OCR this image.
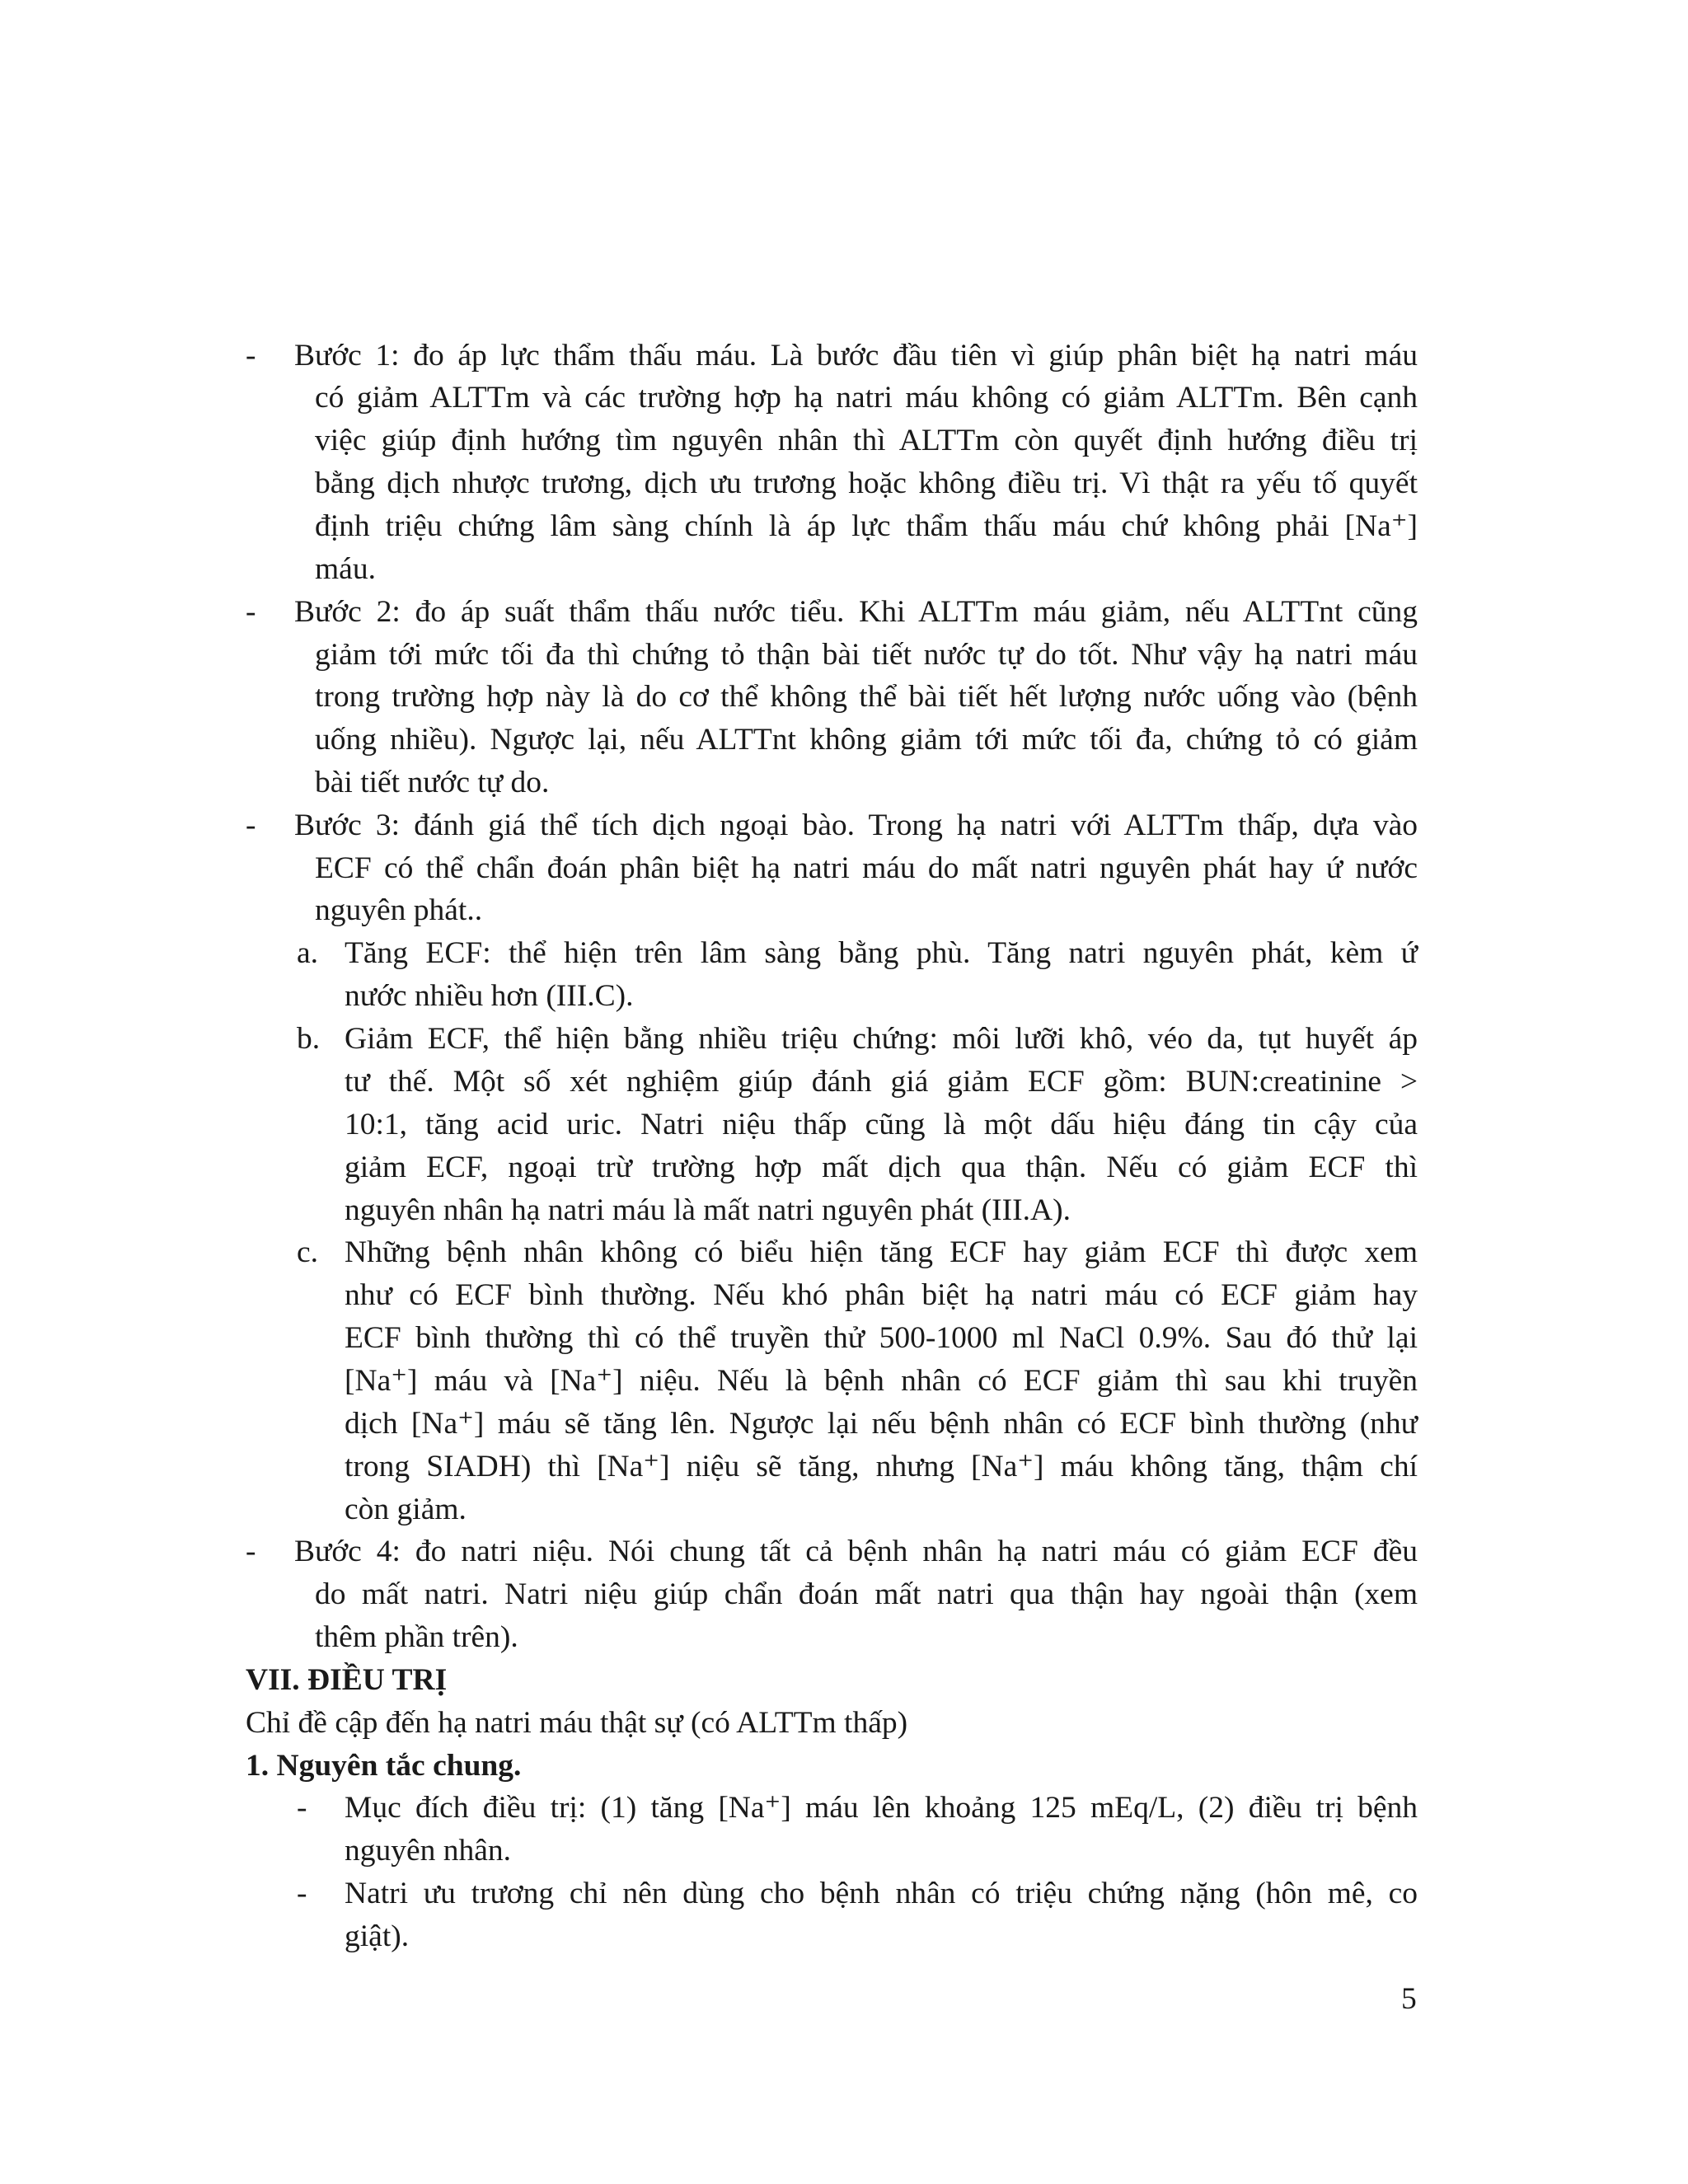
- Bước 1: đo áp lực thẩm thấu máu. Là bước đầu tiên vì giúp phân biệt hạ natri máu
có giảm ALTTm và các trường hợp hạ natri máu không có giảm ALTTm. Bên cạnh
việc giúp định hướng tìm nguyên nhân thì ALTTm còn quyết định hướng điều trị
bằng dịch nhược trương, dịch ưu trương hoặc không điều trị. Vì thật ra yếu tố quyết
định triệu chứng lâm sàng chính là áp lực thẩm thấu máu chứ không phải [Na⁺]
máu.
- Bước 2: đo áp suất thẩm thấu nước tiểu. Khi ALTTm máu giảm, nếu ALTTnt cũng
giảm tới mức tối đa thì chứng tỏ thận bài tiết nước tự do tốt. Như vậy hạ natri máu
trong trường hợp này là do cơ thể không thể bài tiết hết lượng nước uống vào (bệnh
uống nhiều). Ngược lại, nếu ALTTnt không giảm tới mức tối đa, chứng tỏ có giảm
bài tiết nước tự do.
- Bước 3: đánh giá thể tích dịch ngoại bào. Trong hạ natri với ALTTm thấp, dựa vào
ECF có thể chẩn đoán phân biệt hạ natri máu do mất natri nguyên phát hay ứ nước
nguyên phát..
a. Tăng ECF: thể hiện trên lâm sàng bằng phù. Tăng natri nguyên phát, kèm ứ
nước nhiều hơn (III.C).
b. Giảm ECF, thể hiện bằng nhiều triệu chứng: môi lưỡi khô, véo da, tụt huyết áp
tư thế. Một số xét nghiệm giúp đánh giá giảm ECF gồm: BUN:creatinine >
10:1, tăng acid uric. Natri niệu thấp cũng là một dấu hiệu đáng tin cậy của
giảm ECF, ngoại trừ trường hợp mất dịch qua thận. Nếu có giảm ECF thì
nguyên nhân hạ natri máu là mất natri nguyên phát (III.A).
c. Những bệnh nhân không có biểu hiện tăng ECF hay giảm ECF thì được xem
như có ECF bình thường. Nếu khó phân biệt hạ natri máu có ECF giảm hay
ECF bình thường thì có thể truyền thử 500-1000 ml NaCl 0.9%. Sau đó thử lại
[Na⁺] máu và [Na⁺] niệu. Nếu là bệnh nhân có ECF giảm thì sau khi truyền
dịch [Na⁺] máu sẽ tăng lên. Ngược lại nếu bệnh nhân có ECF bình thường (như
trong SIADH) thì [Na⁺] niệu sẽ tăng, nhưng [Na⁺] máu không tăng, thậm chí
còn giảm.
- Bước 4: đo natri niệu. Nói chung tất cả bệnh nhân hạ natri máu có giảm ECF đều
do mất natri. Natri niệu giúp chẩn đoán mất natri qua thận hay ngoài thận (xem
thêm phần trên).
VII. ĐIỀU TRỊ
Chỉ đề cập đến hạ natri máu thật sự (có ALTTm thấp)
1. Nguyên tắc chung.
- Mục đích điều trị: (1) tăng [Na⁺] máu lên khoảng 125 mEq/L, (2) điều trị bệnh
nguyên nhân.
- Natri ưu trương chỉ nên dùng cho bệnh nhân có triệu chứng nặng (hôn mê, co
giật).
5
